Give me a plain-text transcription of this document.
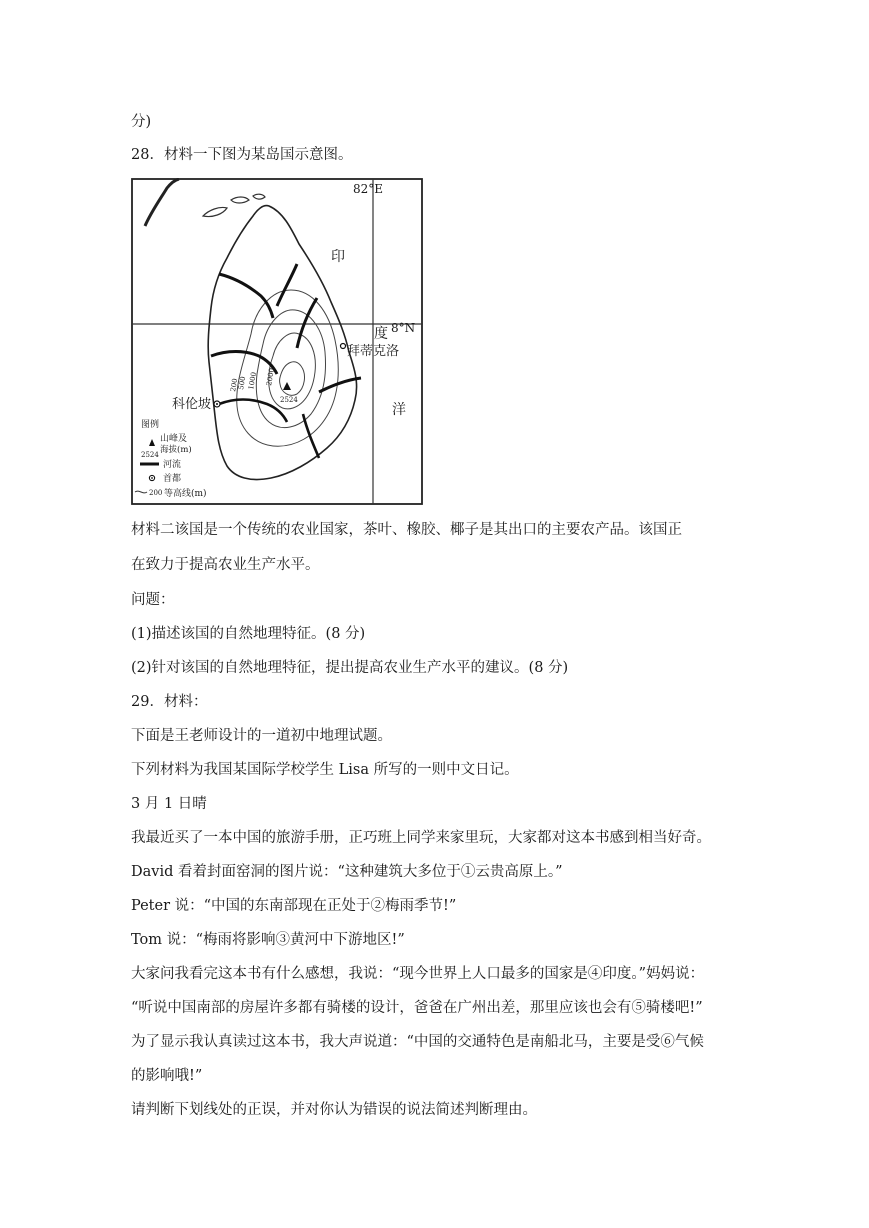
分)
28．材料一下图为某岛国示意图。
材料二该国是一个传统的农业国家，茶叶、橡胶、椰子是其出口的主要农产品。该国正
在致力于提高农业生产水平。
问题：
(1)描述该国的自然地理特征。(8 分)
(2)针对该国的自然地理特征，提出提高农业生产水平的建议。(8 分)
29．材料：
下面是王老师设计的一道初中地理试题。
下列材料为我国某国际学校学生 Lisa 所写的一则中文日记。
3 月 1 日晴
我最近买了一本中国的旅游手册，正巧班上同学来家里玩，大家都对这本书感到相当好奇。
David 看着封面窑洞的图片说：“这种建筑大多位于①云贵高原上。”
Peter 说：“中国的东南部现在正处于②梅雨季节!”
Tom 说：“梅雨将影响③黄河中下游地区!”
大家问我看完这本书有什么感想，我说：“现今世界上人口最多的国家是④印度。”妈妈说：
“听说中国南部的房屋许多都有骑楼的设计，爸爸在广州出差，那里应该也会有⑤骑楼吧!”
为了显示我认真读过这本书，我大声说道：“中国的交通特色是南船北马，主要是受⑥气候
的影响哦!”
请判断下划线处的正误，并对你认为错误的说法简述判断理由。
2524
200
500 1000 2000
拜蒂克洛
科伦坡
82°E
8°N
印
度
洋
图例
山峰及
海拔(m)
2524
河流
首都
200 等高线(m)
